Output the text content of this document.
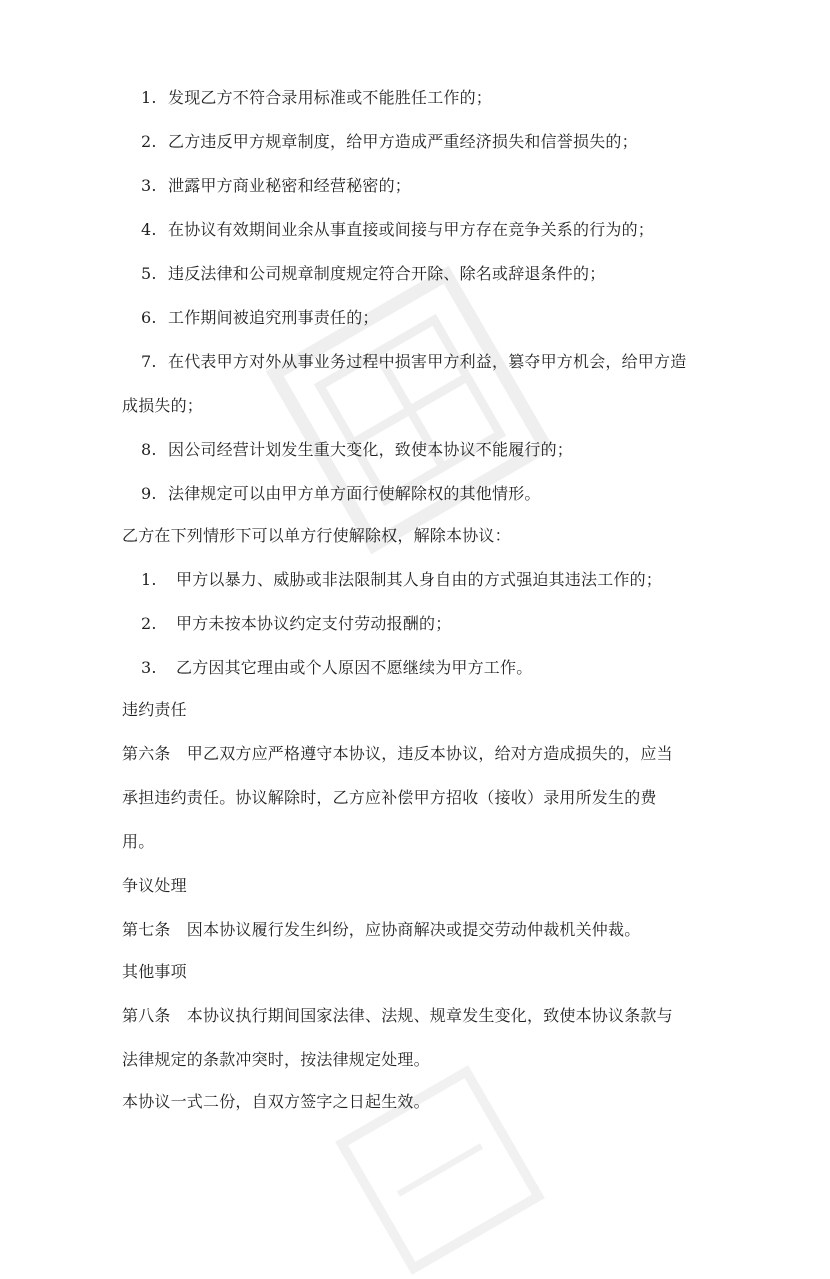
1. 发现乙方不符合录用标准或不能胜任工作的；
2. 乙方违反甲方规章制度，给甲方造成严重经济损失和信誉损失的；
3. 泄露甲方商业秘密和经营秘密的；
4. 在协议有效期间业余从事直接或间接与甲方存在竞争关系的行为的；
5. 违反法律和公司规章制度规定符合开除、除名或辞退条件的；
6. 工作期间被追究刑事责任的；
7. 在代表甲方对外从事业务过程中损害甲方利益，篡夺甲方机会，给甲方造
成损失的；
8. 因公司经营计划发生重大变化，致使本协议不能履行的；
9. 法律规定可以由甲方单方面行使解除权的其他情形。
乙方在下列情形下可以单方行使解除权，解除本协议：
1. 甲方以暴力、威胁或非法限制其人身自由的方式强迫其违法工作的；
2. 甲方未按本协议约定支付劳动报酬的；
3. 乙方因其它理由或个人原因不愿继续为甲方工作。
违约责任
第六条　甲乙双方应严格遵守本协议，违反本协议，给对方造成损失的，应当
承担违约责任。协议解除时，乙方应补偿甲方招收（接收）录用所发生的费
用。
争议处理
第七条　因本协议履行发生纠纷，应协商解决或提交劳动仲裁机关仲裁。
其他事项
第八条　本协议执行期间国家法律、法规、规章发生变化，致使本协议条款与
法律规定的条款冲突时，按法律规定处理。
本协议一式二份，自双方签字之日起生效。
